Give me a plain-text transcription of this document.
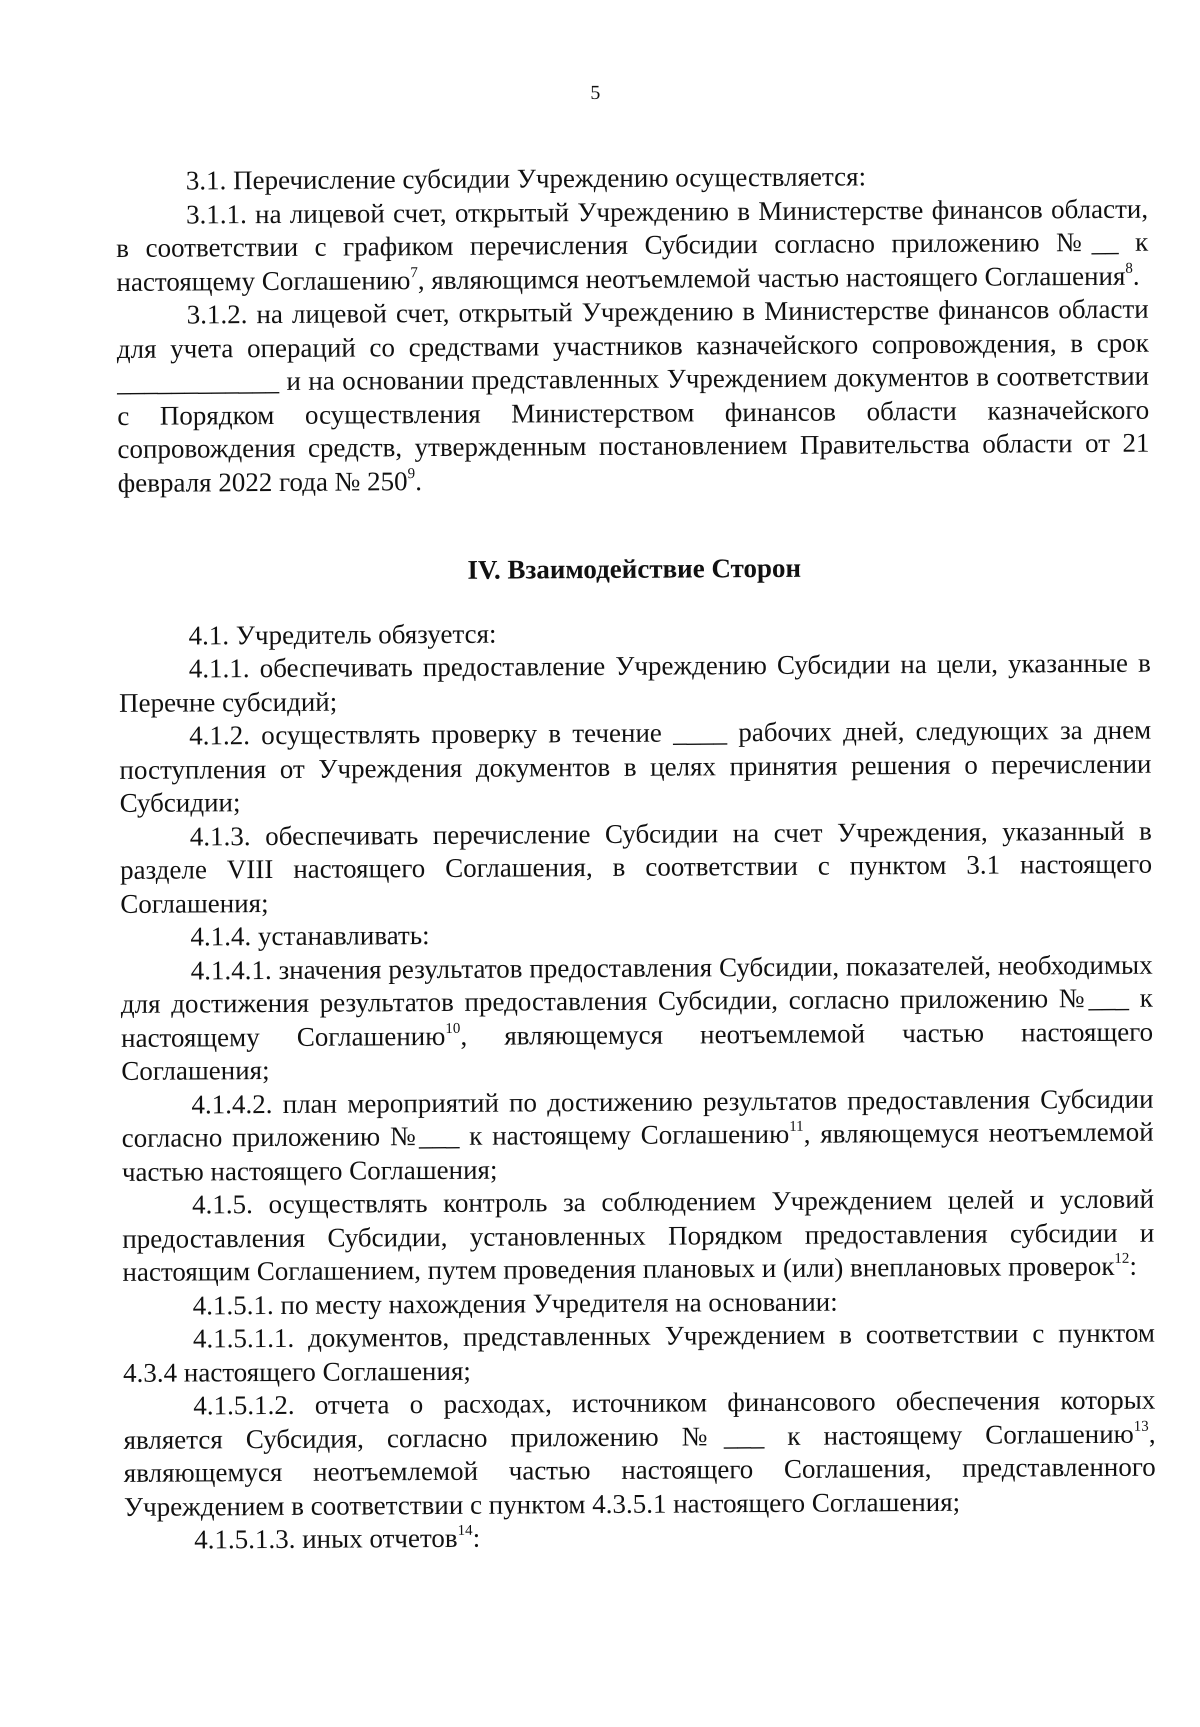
5

3.1. Перечисление субсидии Учреждению осуществляется:

3.1.1. на лицевой счет, открытый Учреждению в Министерстве финансов области, в соответствии с графиком перечисления Субсидии согласно приложению №__ к настоящему Соглашению$^7$, являющимся неотъемлемой частью настоящего Соглашения$^8$.

3.1.2. на лицевой счет, открытый Учреждению в Министерстве финансов области для учета операций со средствами участников казначейского сопровождения, в срок ____________ и на основании представленных Учреждением документов в соответствии с Порядком осуществления Министерством финансов области казначейского сопровождения средств, утвержденным постановлением Правительства области от 21 февраля 2022 года № $250^9$.

IV. Взаимодействие Сторон

4.1. Учредитель обязуется:

4.1.1. обеспечивать предоставление Учреждению Субсидии на цели, указанные в Перечне субсидий;

4.1.2. осуществлять проверку в течение ____ рабочих дней, следующих за днем поступления от Учреждения документов в целях принятия решения о перечислении Субсидии;

4.1.3. обеспечивать перечисление Субсидии на счет Учреждения, указанный в разделе VIII настоящего Соглашения, в соответствии с пунктом 3.1 настоящего Соглашения;

4.1.4. устанавливать:

4.1.4.1. значения результатов предоставления Субсидии, показателей, необходимых для достижения результатов предоставления Субсидии, согласно приложению №___ к настоящему Соглашению$^{10}$, являющемуся неотъемлемой частью настоящего Соглашения;

4.1.4.2. план мероприятий по достижению результатов предоставления Субсидии согласно приложению №___ к настоящему Соглашению$^{11}$, являющемуся неотъемлемой частью настоящего Соглашения;

4.1.5. осуществлять контроль за соблюдением Учреждением целей и условий предоставления Субсидии, установленных Порядком предоставления субсидии и настоящим Соглашением, путем проведения плановых и (или) внеплановых проверок$^{12}$:

4.1.5.1. по месту нахождения Учредителя на основании:

4.1.5.1.1. документов, представленных Учреждением в соответствии с пунктом 4.3.4 настоящего Соглашения;

4.1.5.1.2. отчета о расходах, источником финансового обеспечения которых является Субсидия, согласно приложению №___ к настоящему Соглашению$^{13}$, являющемуся неотъемлемой частью настоящего Соглашения, представленного Учреждением в соответствии с пунктом 4.3.5.1 настоящего Соглашения;

4.1.5.1.3. иных отчетов$^{14}$:
